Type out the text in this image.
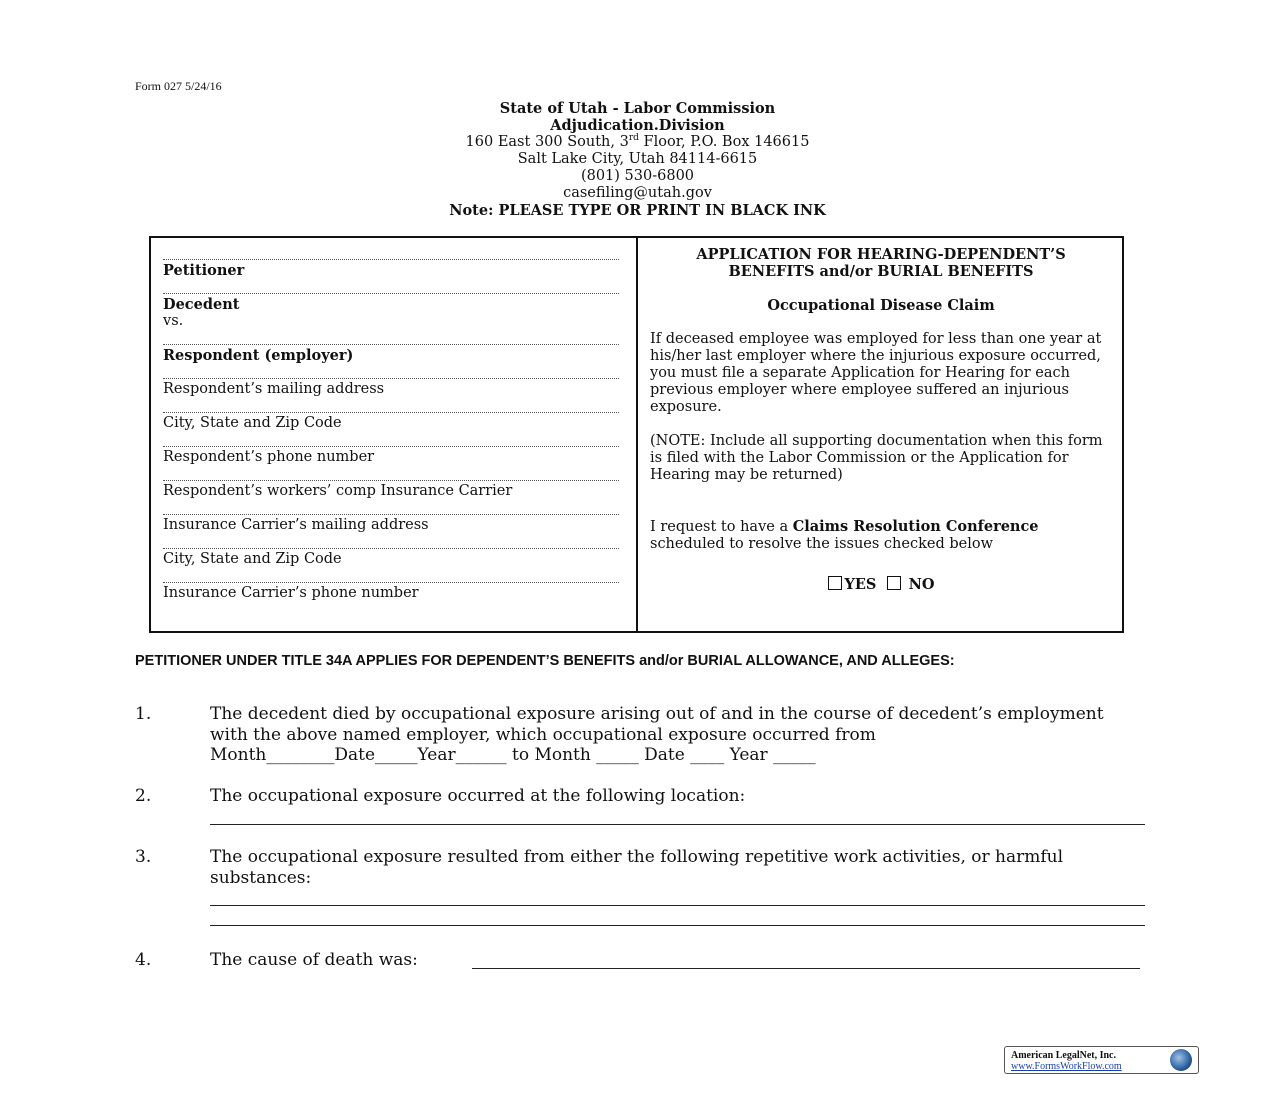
Form 027 5/24/16
State of Utah - Labor Commission
Adjudication.Division
160 East 300 South, 3rd Floor, P.O. Box 146615
Salt Lake City, Utah 84114-6615
(801) 530-6800
casefiling@utah.gov
Note: PLEASE TYPE OR PRINT IN BLACK INK
Petitioner
Decedent
vs.
Respondent (employer)
Respondent’s mailing address
City, State and Zip Code
Respondent’s phone number
Respondent’s workers’ comp Insurance Carrier
Insurance Carrier’s mailing address
City, State and Zip Code
Insurance Carrier’s phone number
APPLICATION FOR HEARING-DEPENDENT’S
BENEFITS and/or BURIAL BENEFITS
Occupational Disease Claim
If deceased employee was employed for less than one year at his/her last employer where the injurious exposure occurred, you must file a separate Application for Hearing for each previous employer where employee suffered an injurious exposure.
(NOTE: Include all supporting documentation when this form is filed with the Labor Commission or the Application for Hearing may be returned)
I request to have a Claims Resolution Conference scheduled to resolve the issues checked below
YES NO
PETITIONER UNDER TITLE 34A APPLIES FOR DEPENDENT’S BENEFITS and/or BURIAL ALLOWANCE, AND ALLEGES:
1.	The decedent died by occupational exposure arising out of and in the course of decedent’s employment with the above named employer, which occupational exposure occurred from Month________Date_____Year______ to Month _____ Date ____ Year _____
2.	The occupational exposure occurred at the following location:
3.	The occupational exposure resulted from either the following repetitive work activities, or harmful substances:
4.	The cause of death was:
American LegalNet, Inc.
www.FormsWorkFlow.com
